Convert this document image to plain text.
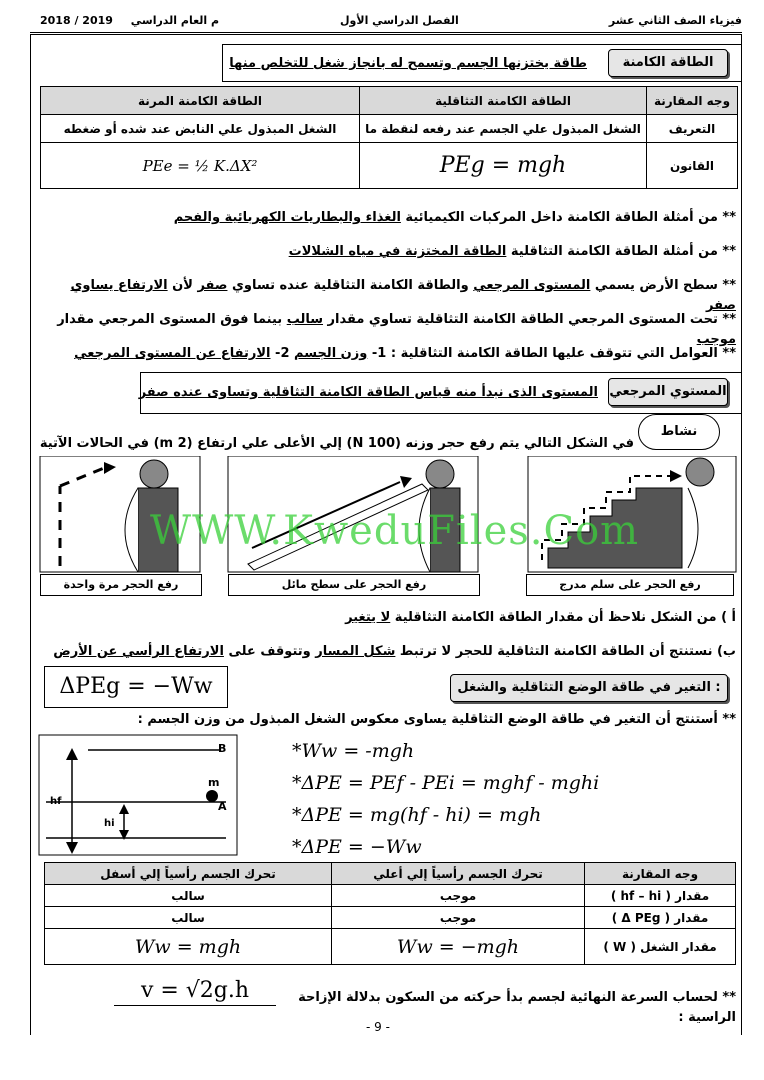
فيزياء الصف الثاني عشر
الفصل الدراسي الأول
2018 / 2019 م العام الدراسي
الطاقة الكامنة
طاقة يختزنها الجسم وتسمح له بانجاز شغل للتخلص منها
وجه المقارنة	الطاقة الكامنة التثاقلية	الطاقة الكامنة المرنة
التعريف	الشغل المبذول علي الجسم عند رفعه لنقطة ما	الشغل المبذول علي النابض عند شده أو ضغطه
القانون	PEg = mgh	PEe = ½ K.ΔX²
** من أمثلة الطاقة الكامنة داخل المركبات الكيميائية الغذاء والبطاريات الكهربائية والفحم
** من أمثلة الطاقة الكامنة التثاقلية الطاقة المختزنة في مياه الشلالات
** سطح الأرض يسمي المستوى المرجعي والطاقة الكامنة التثاقلية عنده تساوي صفر لأن الارتفاع يساوي صفر
** تحت المستوى المرجعي الطاقة الكامنة التثاقلية تساوي مقدار سالب بينما فوق المستوى المرجعي مقدار موجب
** العوامل التي تتوقف عليها الطاقة الكامنة التثاقلية : 1- وزن الجسم 2- الارتفاع عن المستوى المرجعي
المستوي المرجعي
المستوى الذى نبدأ منه قياس الطاقة الكامنة التثاقلية وتساوى عنده صفر
نشاط
في الشكل التالي يتم رفع حجر وزنه (100 N) إلي الأعلى علي ارتفاع (2 m) في الحالات الآتية
WWW.KweduFiles.Com
رفع الحجر على سلم مدرج
رفع الحجر على سطح مائل
رفع الحجر مرة واحدة
أ ) من الشكل نلاحظ أن مقدار الطاقة الكامنة التثاقلية لا يتغير
ب) نستنتج أن الطاقة الكامنة التثاقلية للحجر لا ترتبط شكل المسار وتتوقف على الارتفاع الرأسي عن الأرض
ΔPEg = −Ww	التغير في طاقة الوضع التثاقلية والشغل :
** أستنتج أن التغير في طاقة الوضع التثاقلية يساوى معكوس الشغل المبذول من وزن الجسم :
B
A
m
hf
hi
*Ww = -mgh
*ΔPE = PEf - PEi = mghf - mghi
*ΔPE = mg(hf - hi) = mgh
*ΔPE = −Ww
وجه المقارنة	تحرك الجسم رأسياً إلي أعلي	تحرك الجسم رأسياً إلي أسفل
مقدار ( hf – hi )	موجب	سالب
مقدار ( Δ PEg )	موجب	سالب
مقدار الشغل ( W )	Ww = −mgh	Ww = mgh
** لحساب السرعة النهائية لجسم بدأ حركته من السكون بدلالة الإزاحة الراسية :
v = √2g.h
- 9 -
